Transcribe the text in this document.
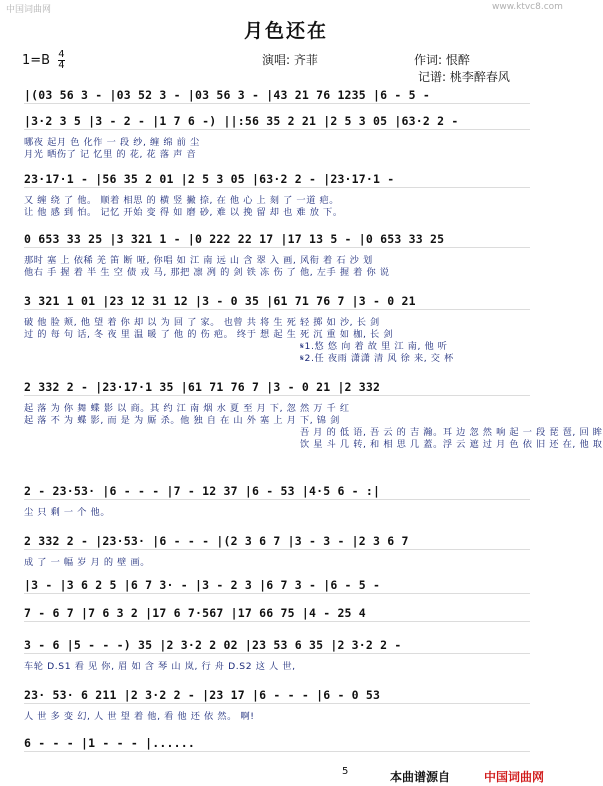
中国词曲网	www.ktvc8.com
月色还在
$1=B \frac{4}{4}$	演唱: 齐菲	作词: 恨醉
记谱: 桃李醉春风
|(03 56 3 - |03 52 3 - |03 56 3 - |43 21 76 1235 |6 - 5 -
|3·2 3 5 |3 - 2 - |1 7 6 -) ||:56 35 2 21 |2 5 3 05 |63·2 2 -
哪夜 起月 色 化作 一 段 纱, 缠 绵 前 尘
月光 晒伤了 记 忆里 的 花, 花 落 声 音
23·17·1 - |56 35 2 01 |2 5 3 05 |63·2 2 - |23·17·1 -
又 缠 绕 了 他。 顺着 相思 的 横 竖 撇 捺, 在 他 心 上 刻 了 一道 疤。
让 他 感 到 怕。 记忆 开始 变 得 如 磨 砂, 难 以 挽 留 却 也 难 放 下。
0 653 33 25 |3 321 1 - |0 222 22 17 |17 13 5 - |0 653 33 25
那时 塞 上 依稀 羌 笛 断 哑, 你唱 如 江 南 远 山 含 翠 入 画, 风衔 着 石 沙 划
他右 手 握 着 半 生 空 债 戎 马, 那把 凛 冽 的 剑 铁 冻 伤 了 他, 左手 握 着 你 说
3 321 1 01 |23 12 31 12 |3 - 0 35 |61 71 76 7 |3 - 0 21
破 他 脸 颊, 他 望 着 你 却 以 为 回 了 家。 也曾 共 将 生 死 轻 掷 如 沙, 长 剑
过 的 每 句 话, 冬 夜 里 温 暖 了 他 的 伤 疤。 终于 想 起 生 死 沉 重 如 枷, 长 剑
𝄋1.悠 悠 向 着 故 里 江 南, 他 听
𝄋2.任 夜雨 潇潇 清 风 徐 来, 交 杯
2 332 2 - |23·17·1 35 |61 71 76 7 |3 - 0 21 |2 332
起 落 为 你 舞 蝶 影 以 商。其 约 江 南 烟 水 夏 至 月 下, 忽 然 万 千 红
起 落 不 为 蝶 影, 而 是 为 厮 杀。他 独 自 在 山 外 塞 上 月 下, 锦 剑
吾 月 的 低 语, 吾 云 的 吉 瀚。耳 边 忽 然 响 起 一 段 琵 琶, 回 眸
饮 星 斗 几 转, 和 相 思 几 蓋。浮 云 遮 过 月 色 依 旧 还 在, 他 取
2 - 23·53· |6 - - - |7 - 12 37 |6 - 53 |4·5 6 - :|
尘 只 剩 一 个 他。
2 332 2 - |23·53· |6 - - - |(2 3 6 7 |3 - 3 - |2 3 6 7
成 了 一 幅 岁 月 的 壁 画。
|3 - |3 6 2 5 |6 7 3· - |3 - 2 3 |6 7 3 - |6 - 5 -
7 - 6 7 |7 6 3 2 |17 6 7·567 |17 66 75 |4 - 25 4
3 - 6 |5 - - -) 35 |2 3·2 2 02 |23 53 6 35 |2 3·2 2 -
车轮 D.S1 看 见 你, 眉 如 含 琴 山 岚, 行 舟 D.S2 这 人 世,
23· 53· 6 211 |2 3·2 2 - |23 17 |6 - - - |6 - 0 53
人 世 多 变 幻, 人 世 望 着 他, 看 他 还 依 然。 啊!
6 - - - |1 - - - |......
5	本曲谱源自	中国词曲网
